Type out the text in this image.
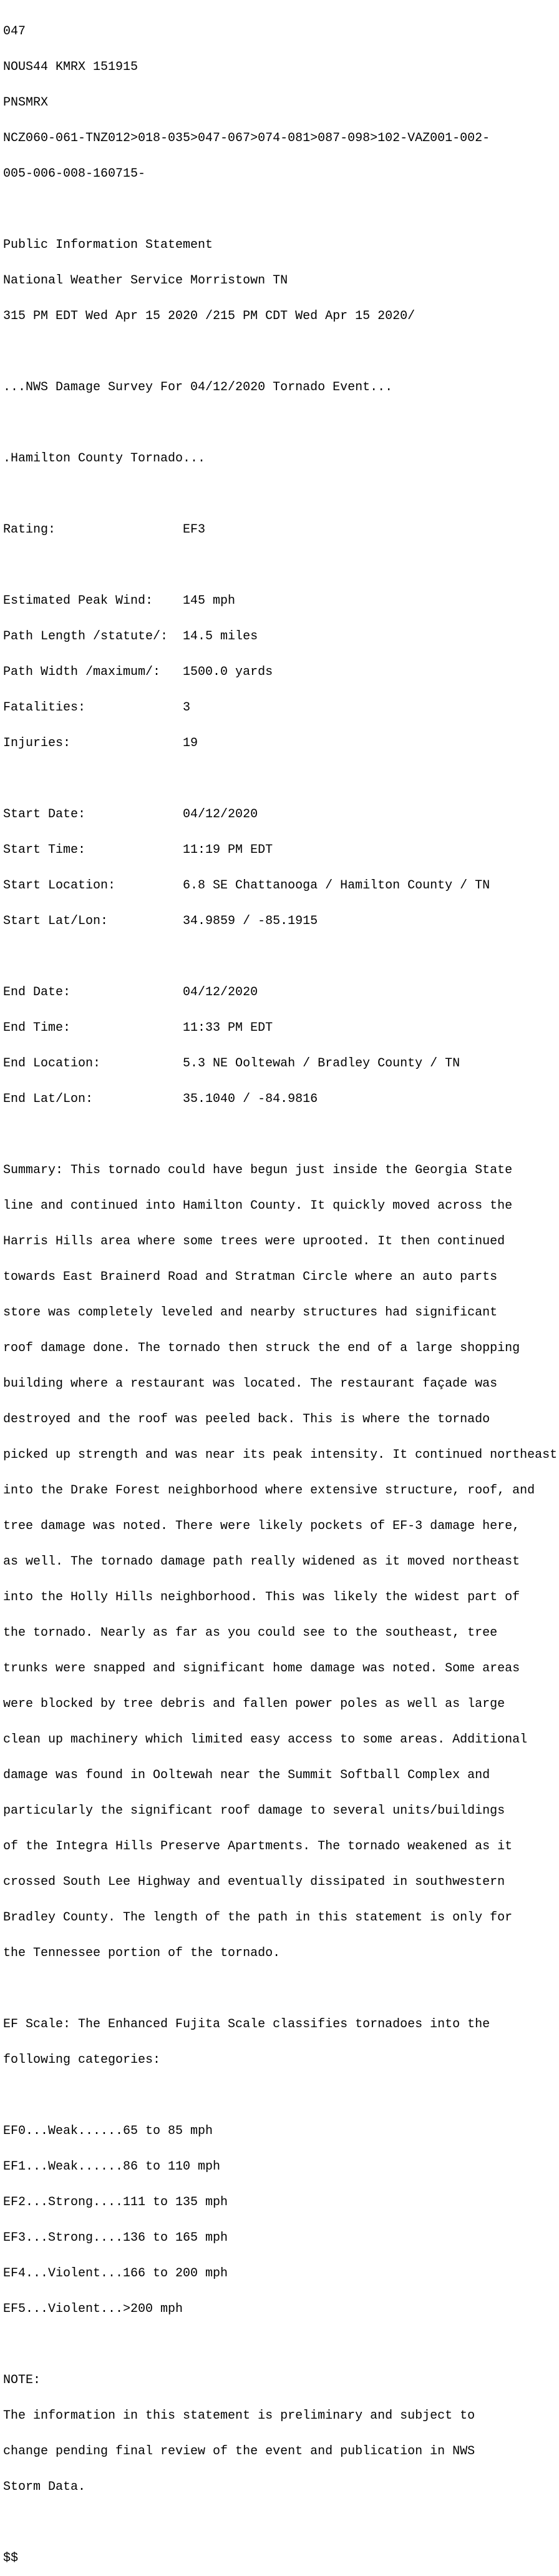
047

NOUS44 KMRX 151915

PNSMRX

NCZ060-061-TNZ012>018-035>047-067>074-081>087-098>102-VAZ001-002-

005-006-008-160715-

Public Information Statement

National Weather Service Morristown TN

315 PM EDT Wed Apr 15 2020 /215 PM CDT Wed Apr 15 2020/

...NWS Damage Survey For 04/12/2020 Tornado Event...

.Hamilton County Tornado...

Rating:                 EF3

Estimated Peak Wind:    145 mph

Path Length /statute/:  14.5 miles

Path Width /maximum/:   1500.0 yards

Fatalities:             3

Injuries:               19

Start Date:             04/12/2020

Start Time:             11:19 PM EDT

Start Location:         6.8 SE Chattanooga / Hamilton County / TN

Start Lat/Lon:          34.9859 / -85.1915

End Date:               04/12/2020

End Time:               11:33 PM EDT

End Location:           5.3 NE Ooltewah / Bradley County / TN

End Lat/Lon:            35.1040 / -84.9816

Summary: This tornado could have begun just inside the Georgia State

line and continued into Hamilton County. It quickly moved across the

Harris Hills area where some trees were uprooted. It then continued

towards East Brainerd Road and Stratman Circle where an auto parts

store was completely leveled and nearby structures had significant

roof damage done. The tornado then struck the end of a large shopping

building where a restaurant was located. The restaurant façade was

destroyed and the roof was peeled back. This is where the tornado

picked up strength and was near its peak intensity. It continued northeast

into the Drake Forest neighborhood where extensive structure, roof, and

tree damage was noted. There were likely pockets of EF-3 damage here,

as well. The tornado damage path really widened as it moved northeast

into the Holly Hills neighborhood. This was likely the widest part of

the tornado. Nearly as far as you could see to the southeast, tree

trunks were snapped and significant home damage was noted. Some areas

were blocked by tree debris and fallen power poles as well as large

clean up machinery which limited easy access to some areas. Additional

damage was found in Ooltewah near the Summit Softball Complex and

particularly the significant roof damage to several units/buildings

of the Integra Hills Preserve Apartments. The tornado weakened as it

crossed South Lee Highway and eventually dissipated in southwestern

Bradley County. The length of the path in this statement is only for

the Tennessee portion of the tornado.

EF Scale: The Enhanced Fujita Scale classifies tornadoes into the

following categories:

EF0...Weak......65 to 85 mph

EF1...Weak......86 to 110 mph

EF2...Strong....111 to 135 mph

EF3...Strong....136 to 165 mph

EF4...Violent...166 to 200 mph

EF5...Violent...>200 mph

NOTE:

The information in this statement is preliminary and subject to

change pending final review of the event and publication in NWS

Storm Data.

$$
